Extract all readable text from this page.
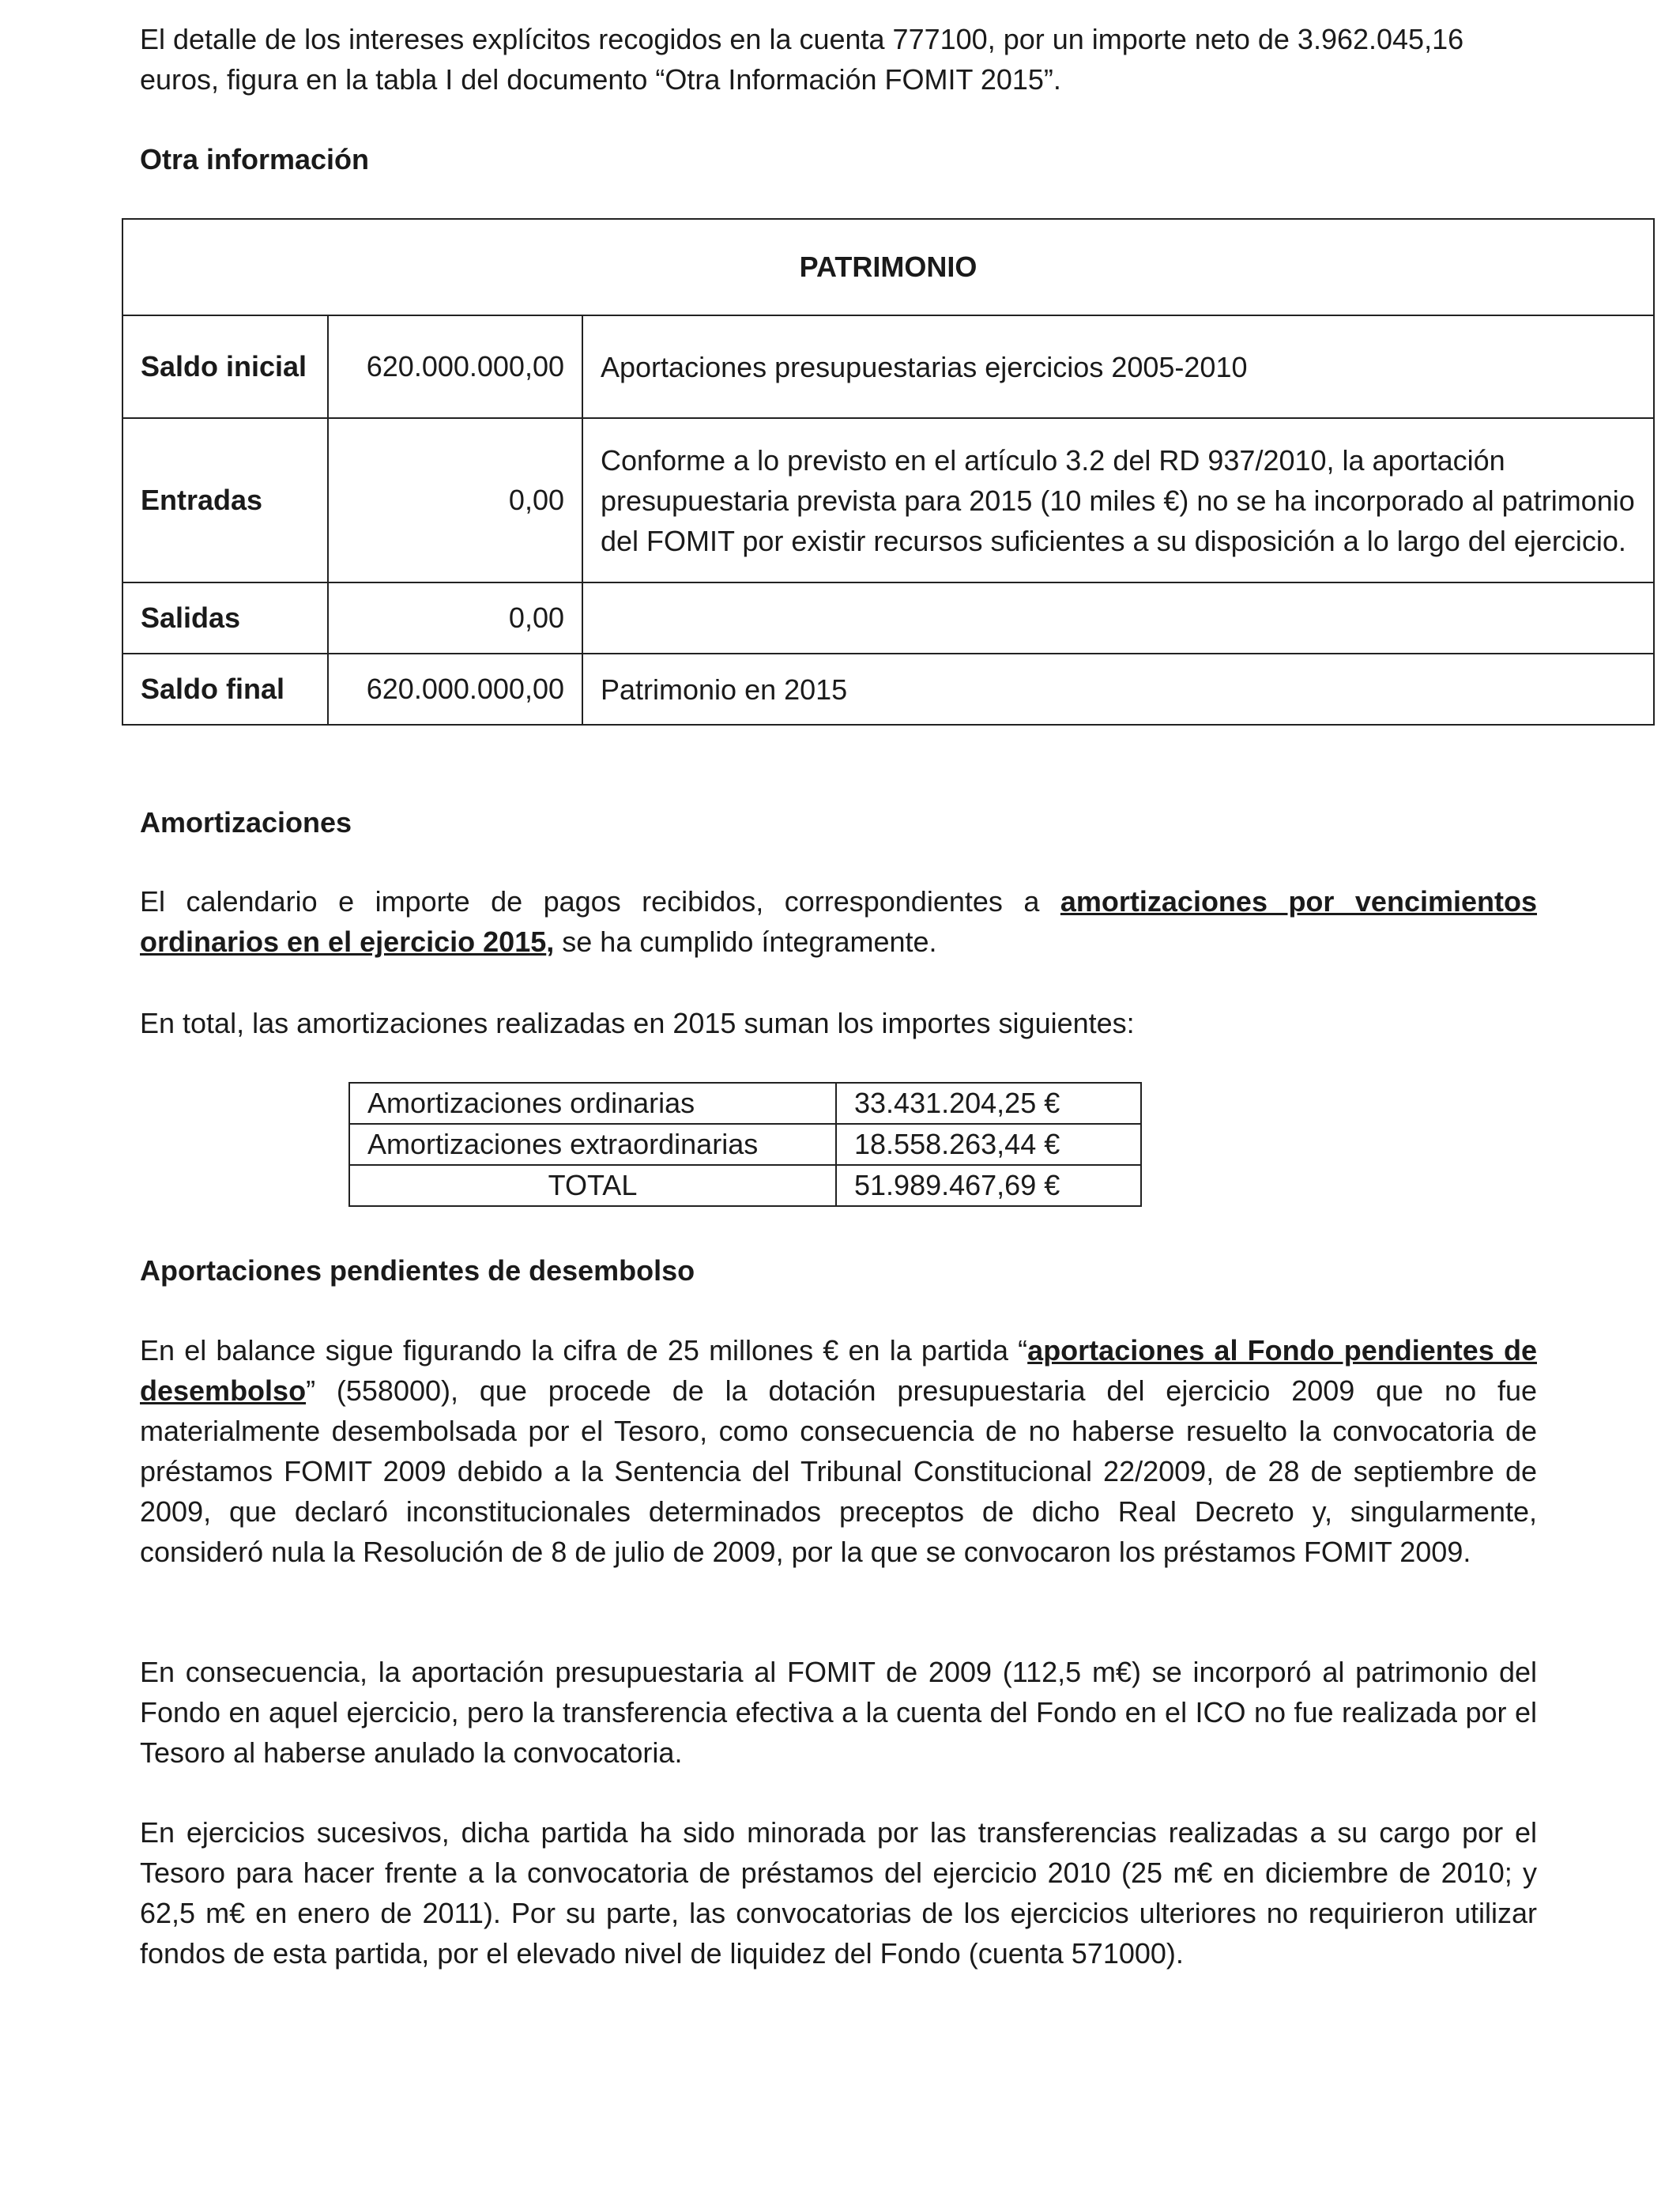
El detalle de los intereses explícitos recogidos en la cuenta 777100, por un importe neto de 3.962.045,16 euros, figura en la tabla I del documento “Otra Información FOMIT 2015”.

Otra información

PATRIMONIO		
Saldo inicial	620.000.000,00	Aportaciones presupuestarias ejercicios 2005-2010
Entradas	0,00	Conforme a lo previsto en el artículo 3.2 del RD 937/2010, la aportación presupuestaria prevista para 2015 (10 miles €) no se ha incorporado al patrimonio del FOMIT por existir recursos suficientes a su disposición a lo largo del ejercicio.
Salidas	0,00	
Saldo final	620.000.000,00	Patrimonio en 2015

Amortizaciones

El calendario e importe de pagos recibidos, correspondientes a amortizaciones por vencimientos ordinarios en el ejercicio 2015, se ha cumplido íntegramente.

En total, las amortizaciones realizadas en 2015 suman los importes siguientes:

Amortizaciones ordinarias	33.431.204,25 €
Amortizaciones extraordinarias	18.558.263,44 €
TOTAL	51.989.467,69 €

Aportaciones pendientes de desembolso

En el balance sigue figurando la cifra de 25 millones € en la partida “aportaciones al Fondo pendientes de desembolso” (558000), que procede de la dotación presupuestaria del ejercicio 2009 que no fue materialmente desembolsada por el Tesoro, como consecuencia de no haberse resuelto la convocatoria de préstamos FOMIT 2009 debido a la Sentencia del Tribunal Constitucional 22/2009, de 28 de septiembre de 2009, que declaró inconstitucionales determinados preceptos de dicho Real Decreto y, singularmente, consideró nula la Resolución de 8 de julio de 2009, por la que se convocaron los préstamos FOMIT 2009.

En consecuencia, la aportación presupuestaria al FOMIT de 2009 (112,5 m€) se incorporó al patrimonio del Fondo en aquel ejercicio, pero la transferencia efectiva a la cuenta del Fondo en el ICO no fue realizada por el Tesoro al haberse anulado la convocatoria.

En ejercicios sucesivos, dicha partida ha sido minorada por las transferencias realizadas a su cargo por el Tesoro para hacer frente a la convocatoria de préstamos del ejercicio 2010 (25 m€ en diciembre de 2010; y 62,5 m€ en enero de 2011). Por su parte, las convocatorias de los ejercicios ulteriores no requirieron utilizar fondos de esta partida, por el elevado nivel de liquidez del Fondo (cuenta 571000).
